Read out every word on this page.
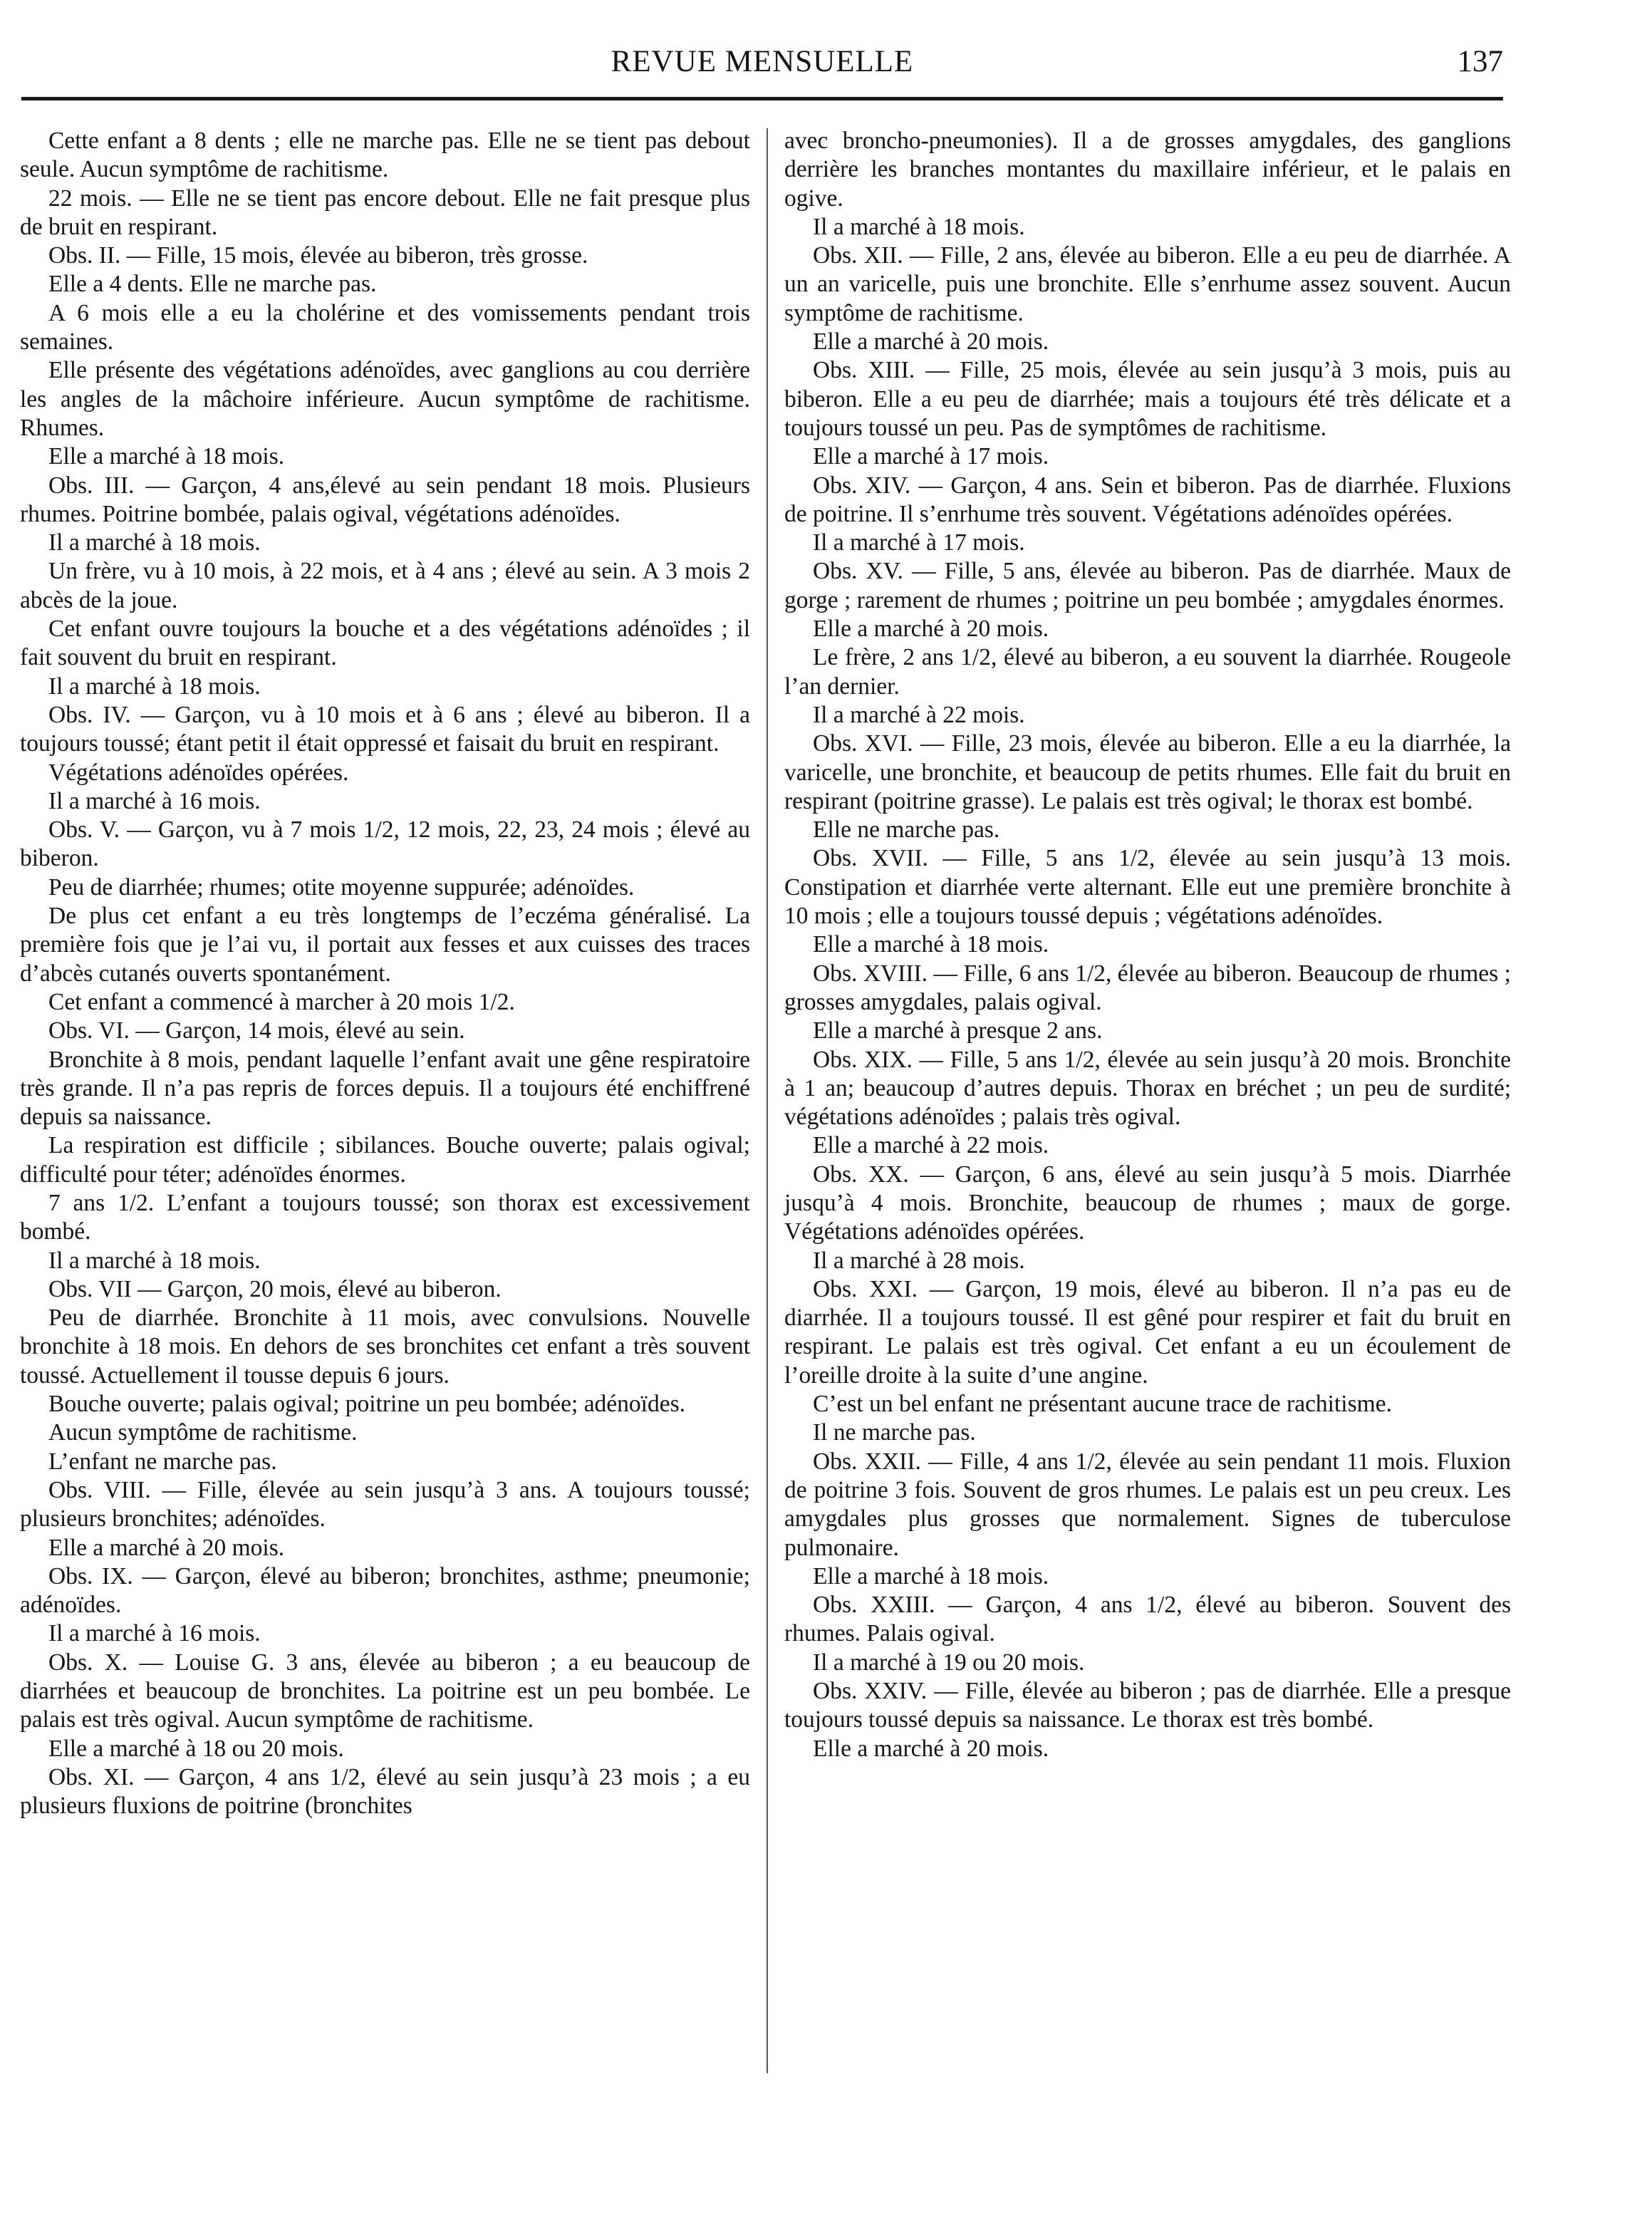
REVUE MENSUELLE	137

Cette enfant a 8 dents ; elle ne marche pas. Elle ne se tient pas debout seule. Aucun symptôme de rachitisme.

22 mois. — Elle ne se tient pas encore debout. Elle ne fait presque plus de bruit en respirant.

Obs. II. — Fille, 15 mois, élevée au biberon, très grosse.

Elle a 4 dents. Elle ne marche pas.

A 6 mois elle a eu la cholérine et des vomissements pendant trois semaines.

Elle présente des végétations adénoïdes, avec ganglions au cou derrière les angles de la mâchoire inférieure. Aucun symptôme de rachitisme. Rhumes.

Elle a marché à 18 mois.

Obs. III. — Garçon, 4 ans,élevé au sein pendant 18 mois. Plusieurs rhumes. Poitrine bombée, palais ogival, végétations adénoïdes.

Il a marché à 18 mois.

Un frère, vu à 10 mois, à 22 mois, et à 4 ans ; élevé au sein. A 3 mois 2 abcès de la joue.

Cet enfant ouvre toujours la bouche et a des végétations adénoïdes ; il fait souvent du bruit en respirant.

Il a marché à 18 mois.

Obs. IV. — Garçon, vu à 10 mois et à 6 ans ; élevé au biberon. Il a toujours toussé; étant petit il était oppressé et faisait du bruit en respirant.

Végétations adénoïdes opérées.

Il a marché à 16 mois.

Obs. V. — Garçon, vu à 7 mois 1/2, 12 mois, 22, 23, 24 mois ; élevé au biberon.

Peu de diarrhée; rhumes; otite moyenne suppurée; adénoïdes.

De plus cet enfant a eu très longtemps de l’eczéma généralisé. La première fois que je l’ai vu, il portait aux fesses et aux cuisses des traces d’abcès cutanés ouverts spontanément.

Cet enfant a commencé à marcher à 20 mois 1/2.

Obs. VI. — Garçon, 14 mois, élevé au sein.

Bronchite à 8 mois, pendant laquelle l’enfant avait une gêne respiratoire très grande. Il n’a pas repris de forces depuis. Il a toujours été enchiffrené depuis sa naissance.

La respiration est difficile ; sibilances. Bouche ouverte; palais ogival; difficulté pour téter; adénoïdes énormes.

7 ans 1/2. L’enfant a toujours toussé; son thorax est excessivement bombé.

Il a marché à 18 mois.

Obs. VII — Garçon, 20 mois, élevé au biberon.

Peu de diarrhée. Bronchite à 11 mois, avec convulsions. Nouvelle bronchite à 18 mois. En dehors de ses bronchites cet enfant a très souvent toussé. Actuellement il tousse depuis 6 jours.

Bouche ouverte; palais ogival; poitrine un peu bombée; adénoïdes.

Aucun symptôme de rachitisme.

L’enfant ne marche pas.

Obs. VIII. — Fille, élevée au sein jusqu’à 3 ans. A toujours toussé; plusieurs bronchites; adénoïdes.

Elle a marché à 20 mois.

Obs. IX. — Garçon, élevé au biberon; bronchites, asthme; pneumonie; adénoïdes.

Il a marché à 16 mois.

Obs. X. — Louise G. 3 ans, élevée au biberon ; a eu beaucoup de diarrhées et beaucoup de bronchites. La poitrine est un peu bombée. Le palais est très ogival. Aucun symptôme de rachitisme.

Elle a marché à 18 ou 20 mois.

Obs. XI. — Garçon, 4 ans 1/2, élevé au sein jusqu’à 23 mois ; a eu plusieurs fluxions de poitrine (bronchites

avec broncho-pneumonies). Il a de grosses amygdales, des ganglions derrière les branches montantes du maxillaire inférieur, et le palais en ogive.

Il a marché à 18 mois.

Obs. XII. — Fille, 2 ans, élevée au biberon. Elle a eu peu de diarrhée. A un an varicelle, puis une bronchite. Elle s’enrhume assez souvent. Aucun symptôme de rachitisme.

Elle a marché à 20 mois.

Obs. XIII. — Fille, 25 mois, élevée au sein jusqu’à 3 mois, puis au biberon. Elle a eu peu de diarrhée; mais a toujours été très délicate et a toujours toussé un peu. Pas de symptômes de rachitisme.

Elle a marché à 17 mois.

Obs. XIV. — Garçon, 4 ans. Sein et biberon. Pas de diarrhée. Fluxions de poitrine. Il s’enrhume très souvent. Végétations adénoïdes opérées.

Il a marché à 17 mois.

Obs. XV. — Fille, 5 ans, élevée au biberon. Pas de diarrhée. Maux de gorge ; rarement de rhumes ; poitrine un peu bombée ; amygdales énormes.

Elle a marché à 20 mois.

Le frère, 2 ans 1/2, élevé au biberon, a eu souvent la diarrhée. Rougeole l’an dernier.

Il a marché à 22 mois.

Obs. XVI. — Fille, 23 mois, élevée au biberon. Elle a eu la diarrhée, la varicelle, une bronchite, et beaucoup de petits rhumes. Elle fait du bruit en respirant (poitrine grasse). Le palais est très ogival; le thorax est bombé.

Elle ne marche pas.

Obs. XVII. — Fille, 5 ans 1/2, élevée au sein jusqu’à 13 mois. Constipation et diarrhée verte alternant. Elle eut une première bronchite à 10 mois ; elle a toujours toussé depuis ; végétations adénoïdes.

Elle a marché à 18 mois.

Obs. XVIII. — Fille, 6 ans 1/2, élevée au biberon. Beaucoup de rhumes ; grosses amygdales, palais ogival.

Elle a marché à presque 2 ans.

Obs. XIX. — Fille, 5 ans 1/2, élevée au sein jusqu’à 20 mois. Bronchite à 1 an; beaucoup d’autres depuis. Thorax en bréchet ; un peu de surdité; végétations adénoïdes ; palais très ogival.

Elle a marché à 22 mois.

Obs. XX. — Garçon, 6 ans, élevé au sein jusqu’à 5 mois. Diarrhée jusqu’à 4 mois. Bronchite, beaucoup de rhumes ; maux de gorge. Végétations adénoïdes opérées.

Il a marché à 28 mois.

Obs. XXI. — Garçon, 19 mois, élevé au biberon. Il n’a pas eu de diarrhée. Il a toujours toussé. Il est gêné pour respirer et fait du bruit en respirant. Le palais est très ogival. Cet enfant a eu un écoulement de l’oreille droite à la suite d’une angine.

C’est un bel enfant ne présentant aucune trace de rachitisme.

Il ne marche pas.

Obs. XXII. — Fille, 4 ans 1/2, élevée au sein pendant 11 mois. Fluxion de poitrine 3 fois. Souvent de gros rhumes. Le palais est un peu creux. Les amygdales plus grosses que normalement. Signes de tuberculose pulmonaire.

Elle a marché à 18 mois.

Obs. XXIII. — Garçon, 4 ans 1/2, élevé au biberon. Souvent des rhumes. Palais ogival.

Il a marché à 19 ou 20 mois.

Obs. XXIV. — Fille, élevée au biberon ; pas de diarrhée. Elle a presque toujours toussé depuis sa naissance. Le thorax est très bombé.

Elle a marché à 20 mois.
